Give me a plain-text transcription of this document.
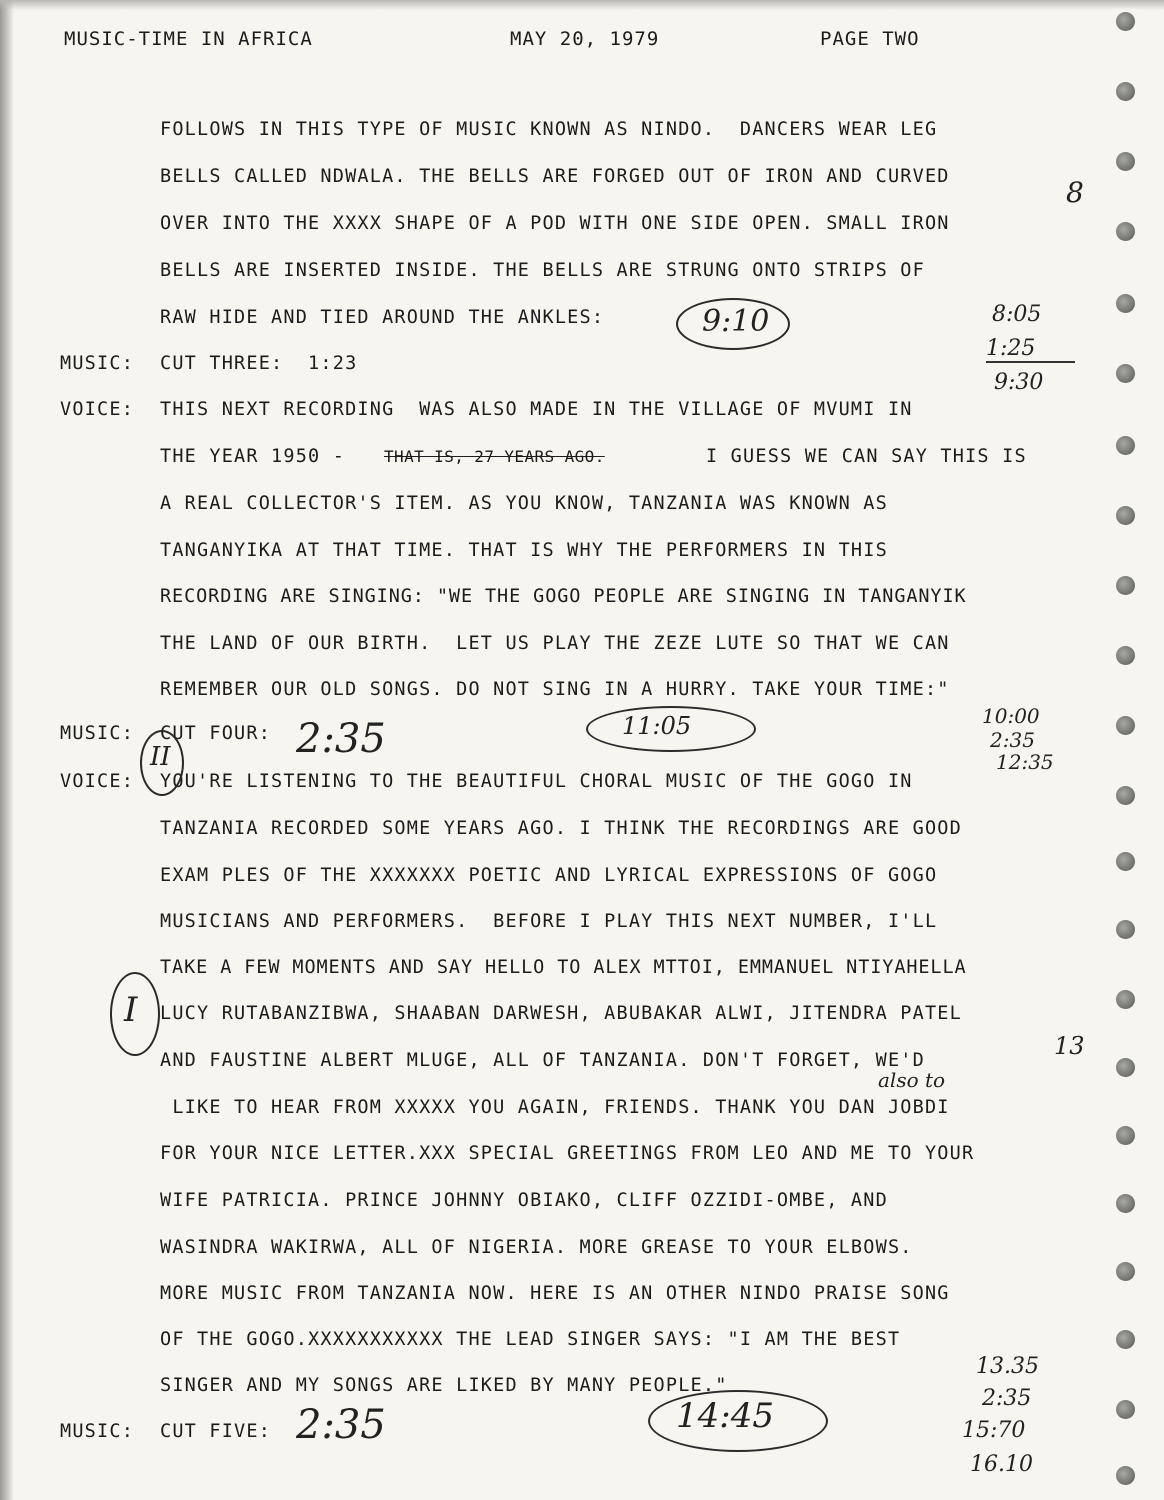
MUSIC-TIME IN AFRICA	MAY 20, 1979	PAGE TWO
FOLLOWS IN THIS TYPE OF MUSIC KNOWN AS NINDO.  DANCERS WEAR LEG
BELLS CALLED NDWALA. THE BELLS ARE FORGED OUT OF IRON AND CURVED
OVER INTO THE XXXX SHAPE OF A POD WITH ONE SIDE OPEN. SMALL IRON
BELLS ARE INSERTED INSIDE. THE BELLS ARE STRUNG ONTO STRIPS OF
RAW HIDE AND TIED AROUND THE ANKLES:
MUSIC: CUT THREE:  1:23
VOICE: THIS NEXT RECORDING  WAS ALSO MADE IN THE VILLAGE OF MVUMI IN
THE YEAR 1950 - THAT IS, 27 YEARS AGO.	I GUESS WE CAN SAY THIS IS
A REAL COLLECTOR'S ITEM. AS YOU KNOW, TANZANIA WAS KNOWN AS
TANGANYIKA AT THAT TIME. THAT IS WHY THE PERFORMERS IN THIS
RECORDING ARE SINGING: "WE THE GOGO PEOPLE ARE SINGING IN TANGANYIK
THE LAND OF OUR BIRTH.  LET US PLAY THE ZEZE LUTE SO THAT WE CAN
REMEMBER OUR OLD SONGS. DO NOT SING IN A HURRY. TAKE YOUR TIME:"
MUSIC: CUT FOUR:
VOICE: YOU'RE LISTENING TO THE BEAUTIFUL CHORAL MUSIC OF THE GOGO IN
TANZANIA RECORDED SOME YEARS AGO. I THINK THE RECORDINGS ARE GOOD
EXAM PLES OF THE XXXXXXX POETIC AND LYRICAL EXPRESSIONS OF GOGO
MUSICIANS AND PERFORMERS.  BEFORE I PLAY THIS NEXT NUMBER, I'LL
TAKE A FEW MOMENTS AND SAY HELLO TO ALEX MTTOI, EMMANUEL NTIYAHELLA
LUCY RUTABANZIBWA, SHAABAN DARWESH, ABUBAKAR ALWI, JITENDRA PATEL
AND FAUSTINE ALBERT MLUGE, ALL OF TANZANIA. DON'T FORGET, WE'D
LIKE TO HEAR FROM XXXXX YOU AGAIN, FRIENDS. THANK YOU DAN JOBDI
FOR YOUR NICE LETTER.XXX SPECIAL GREETINGS FROM LEO AND ME TO YOUR
WIFE PATRICIA. PRINCE JOHNNY OBIAKO, CLIFF OZZIDI-OMBE, AND
WASINDRA WAKIRWA, ALL OF NIGERIA. MORE GREASE TO YOUR ELBOWS.
MORE MUSIC FROM TANZANIA NOW. HERE IS AN OTHER NINDO PRAISE SONG
OF THE GOGO.XXXXXXXXXXX THE LEAD SINGER SAYS: "I AM THE BEST
SINGER AND MY SONGS ARE LIKED BY MANY PEOPLE."
MUSIC: CUT FIVE:
9:10	8:05
1:25
9:30
8
11:05
2:35	10:00
2:35
12:35
II
I
13
also to
2:35	14:45
13.35
2:35
15:70
16.10
